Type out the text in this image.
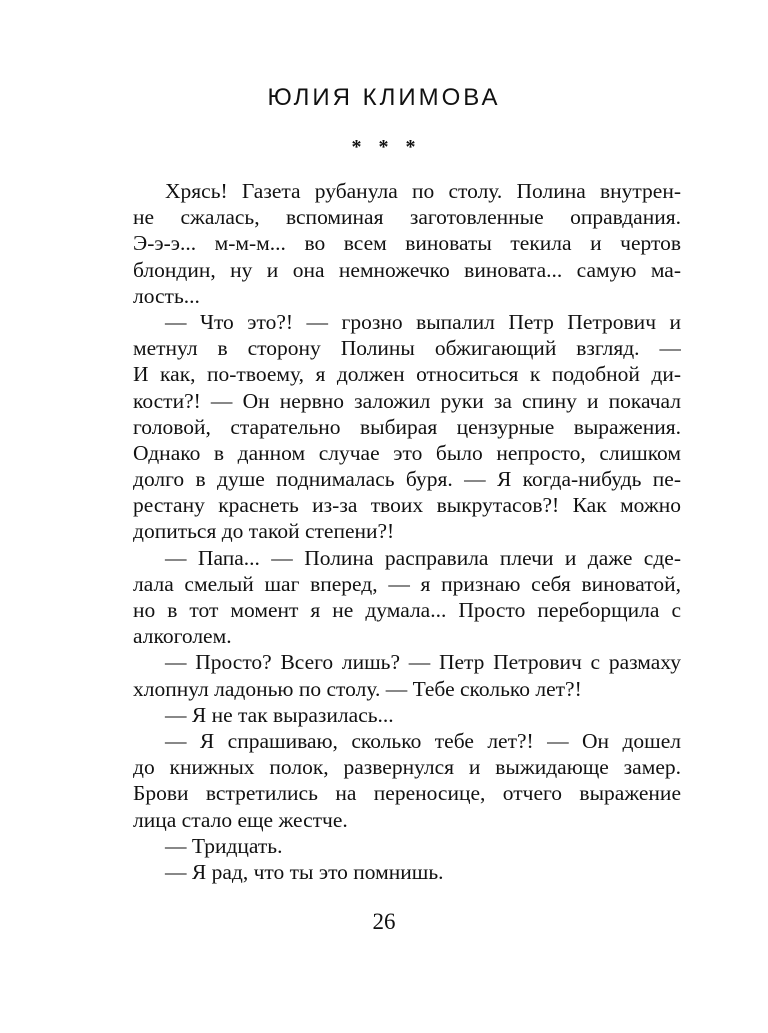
ЮЛИЯ КЛИМОВА
* * *
Хрясь! Газета рубанула по столу. Полина внутрен-
не сжалась, вспоминая заготовленные оправдания.
Э-э-э... м-м-м... во всем виноваты текила и чертов
блондин, ну и она немножечко виновата... самую ма-
лость...
— Что это?! — грозно выпалил Петр Петрович и
метнул в сторону Полины обжигающий взгляд. —
И как, по-твоему, я должен относиться к подобной ди-
кости?! — Он нервно заложил руки за спину и покачал
головой, старательно выбирая цензурные выражения.
Однако в данном случае это было непросто, слишком
долго в душе поднималась буря. — Я когда-нибудь пе-
рестану краснеть из-за твоих выкрутасов?! Как можно
допиться до такой степени?!
— Папа... — Полина расправила плечи и даже сде-
лала смелый шаг вперед, — я признаю себя виноватой,
но в тот момент я не думала... Просто переборщила с
алкоголем.
— Просто? Всего лишь? — Петр Петрович с размаху
хлопнул ладонью по столу. — Тебе сколько лет?!
— Я не так выразилась...
— Я спрашиваю, сколько тебе лет?! — Он дошел
до книжных полок, развернулся и выжидающе замер.
Брови встретились на переносице, отчего выражение
лица стало еще жестче.
— Тридцать.
— Я рад, что ты это помнишь.
26
